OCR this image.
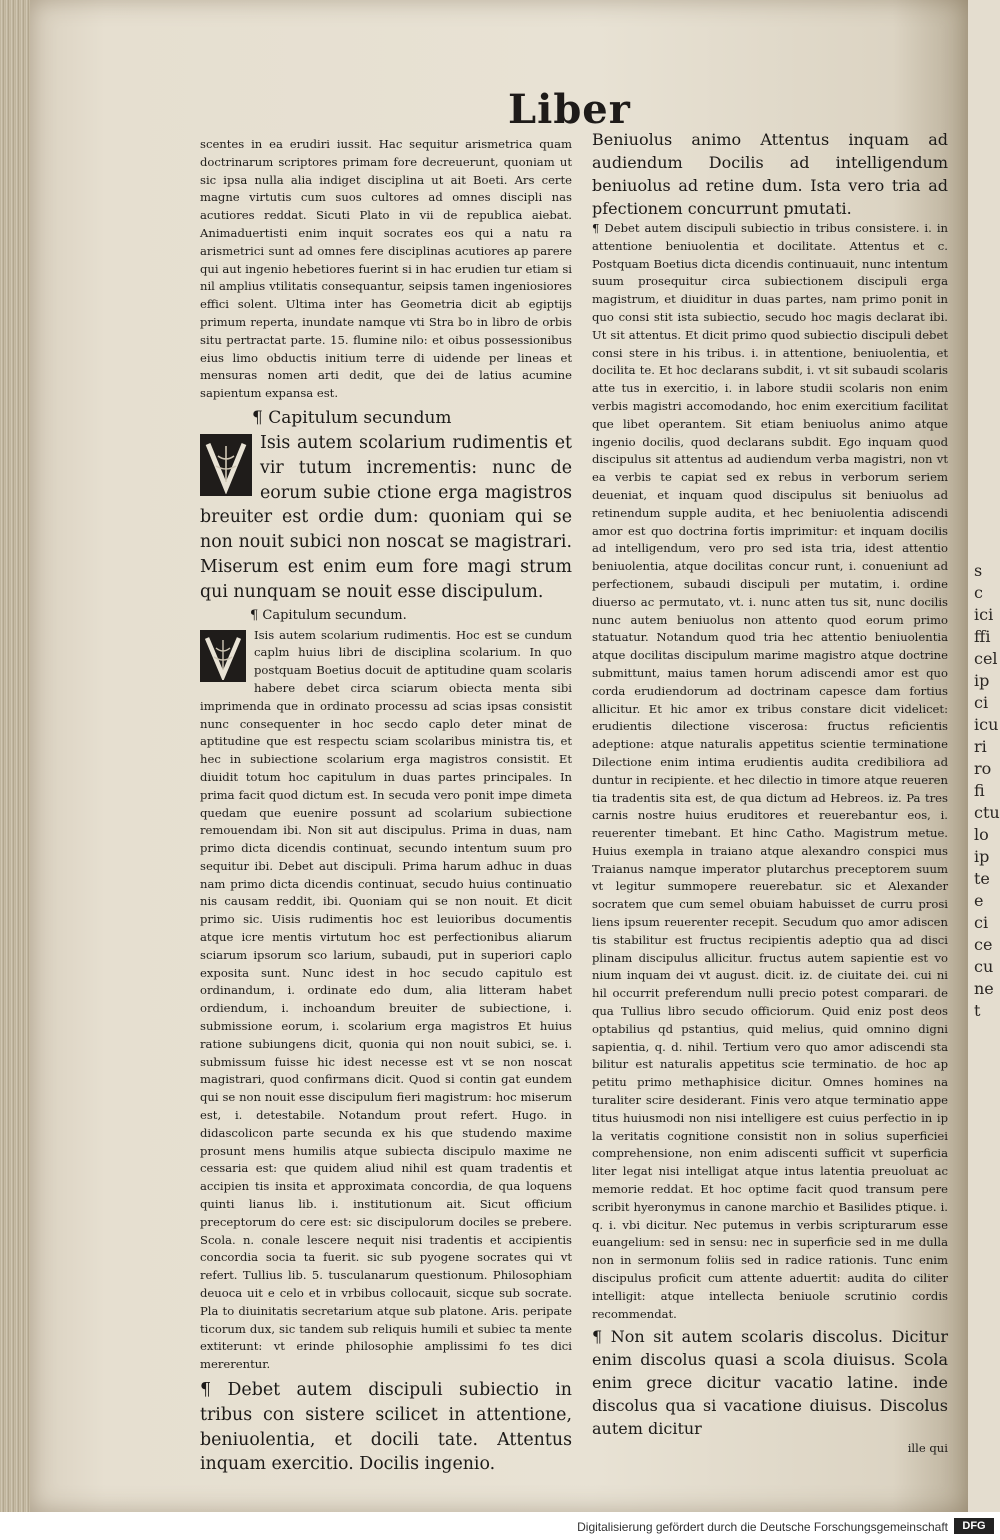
s
c
ici
ffi
cel
ip
ci
icu
ri
ro
fi
ctu
lo
ip
te
e
ci
ce
cu
ne
t
Liber

scentes in ea erudiri iussit. Hac sequitur arismetrica quam doctrinarum scriptores primam fore decreuerunt, quoniam ut sic ipsa nulla alia indiget disciplina ut ait Boeti. Ars certe magne virtutis cum suos cultores ad omnes discipli nas acutiores reddat. Sicuti Plato in vii de republica aiebat. Animaduertisti enim inquit socrates eos qui a natu ra arismetrici sunt ad omnes fere disciplinas acutiores ap parere qui aut ingenio hebetiores fuerint si in hac erudien tur etiam si nil amplius vtilitatis consequantur, seipsis tamen ingeniosiores effici solent. Ultima inter has Geometria dicit ab egiptijs primum reperta, inundate namque vti Stra bo in libro de orbis situ pertractat parte. 15. flumine nilo: et oibus possessionibus eius limo obductis initium terre di uidende per lineas et mensuras nomen arti dedit, que dei de latius acumine sapientum expansa est.

¶ Capitulum secundum

Isis autem scolarium rudimentis et vir tutum incrementis: nunc de eorum subie ctione erga magistros breuiter est ordie dum: quoniam qui se non nouit subici non noscat se magistrari. Miserum est enim eum fore magi strum qui nunquam se nouit esse discipulum.

¶ Capitulum secundum.

Isis autem scolarium rudimentis. Hoc est se cundum caplm huius libri de disciplina scolarium. In quo postquam Boetius docuit de aptitudine quam scolaris habere debet circa sciarum obiecta menta sibi imprimenda que in ordinato processu ad scias ipsas consistit nunc consequenter in hoc secdo caplo deter minat de aptitudine que est respectu sciam scolaribus ministra tis, et hec in subiectione scolarium erga magistros consistit. Et diuidit totum hoc capitulum in duas partes principales. In prima facit quod dictum est. In secuda vero ponit impe dimeta quedam que euenire possunt ad scolarium subiectione remouendam ibi. Non sit aut discipulus. Prima in duas, nam primo dicta dicendis continuat, secundo intentum suum pro sequitur ibi. Debet aut discipuli. Prima harum adhuc in duas nam primo dicta dicendis continuat, secudo huius continuatio nis causam reddit, ibi. Quoniam qui se non nouit. Et dicit primo sic. Uisis rudimentis hoc est leuioribus documentis atque icre mentis virtutum hoc est perfectionibus aliarum sciarum ipsorum sco larium, subaudi, put in superiori caplo exposita sunt. Nunc idest in hoc secudo capitulo est ordinandum, i. ordinate edo dum, alia litteram habet ordiendum, i. inchoandum breuiter de subiectione, i. submissione eorum, i. scolarium erga magistros Et huius ratione subiungens dicit, quonia qui non nouit subici, se. i. submissum fuisse hic idest necesse est vt se non noscat magistrari, quod confirmans dicit. Quod si contin gat eundem qui se non nouit esse discipulum fieri magistrum: hoc miserum est, i. detestabile. Notandum prout refert. Hugo. in didascolicon parte secunda ex his que studendo maxime prosunt mens humilis atque subiecta discipulo maxime ne cessaria est: que quidem aliud nihil est quam tradentis et accipien tis insita et approximata concordia, de qua loquens quinti lianus lib. i. institutionum ait. Sicut officium preceptorum do cere est: sic discipulorum dociles se prebere. Scola. n. conale lescere nequit nisi tradentis et accipientis concordia socia ta fuerit. sic sub pyogene socrates qui vt refert. Tullius lib. 5. tusculanarum questionum. Philosophiam deuoca uit e celo et in vrbibus collocauit, sicque sub socrate. Pla to diuinitatis secretarium atque sub platone. Aris. peripate ticorum dux, sic tandem sub reliquis humili et subiec ta mente extiterunt: vt erinde philosophie amplissimi fo tes dici mererentur.

¶ Debet autem discipuli subiectio in tribus con sistere scilicet in attentione, beniuolentia, et docili tate. Attentus inquam exercitio. Docilis ingenio.

Beniuolus animo Attentus inquam ad audiendum Docilis ad intelligendum beniuolus ad retine dum. Ista vero tria ad pfectionem concurrunt pmutati.

¶ Debet autem discipuli subiectio in tribus consistere. i. in attentione beniuolentia et docilitate. Attentus et c. Postquam Boetius dicta dicendis continuauit, nunc intentum suum prosequitur circa subiectionem discipuli erga magistrum, et diuiditur in duas partes, nam primo ponit in quo consi stit ista subiectio, secudo hoc magis declarat ibi. Ut sit attentus. Et dicit primo quod subiectio discipuli debet consi stere in his tribus. i. in attentione, beniuolentia, et docilita te. Et hoc declarans subdit, i. vt sit subaudi scolaris atte tus in exercitio, i. in labore studii scolaris non enim verbis magistri accomodando, hoc enim exercitium facilitat que libet operantem. Sit etiam beniuolus animo atque ingenio docilis, quod declarans subdit. Ego inquam quod discipulus sit attentus ad audiendum verba magistri, non vt ea verbis te capiat sed ex rebus in verborum seriem deueniat, et inquam quod discipulus sit beniuolus ad retinendum supple audita, et hec beniuolentia adiscendi amor est quo doctrina fortis imprimitur: et inquam docilis ad intelligendum, vero pro sed ista tria, idest attentio beniuolentia, atque docilitas concur runt, i. conueniunt ad perfectionem, subaudi discipuli per mutatim, i. ordine diuerso ac permutato, vt. i. nunc atten tus sit, nunc docilis nunc autem beniuolus non attento quod eorum primo statuatur. Notandum quod tria hec attentio beniuolentia atque docilitas discipulum marime magistro atque doctrine submittunt, maius tamen horum adiscendi amor est quo corda erudiendorum ad doctrinam capesce dam fortius allicitur. Et hic amor ex tribus constare dicit videlicet: erudientis dilectione viscerosa: fructus reficientis adeptione: atque naturalis appetitus scientie terminatione Dilectione enim intima erudientis audita credibiliora ad duntur in recipiente. et hec dilectio in timore atque reueren tia tradentis sita est, de qua dictum ad Hebreos. iz. Pa tres carnis nostre huius eruditores et reuerebantur eos, i. reuerenter timebant. Et hinc Catho. Magistrum metue. Huius exempla in traiano atque alexandro conspici mus Traianus namque imperator plutarchus preceptorem suum vt legitur summopere reuerebatur. sic et Alexander socratem que cum semel obuiam habuisset de curru prosi liens ipsum reuerenter recepit. Secudum quo amor adiscen tis stabilitur est fructus recipientis adeptio qua ad disci plinam discipulus allicitur. fructus autem sapientie est vo nium inquam dei vt august. dicit. iz. de ciuitate dei. cui ni hil occurrit preferendum nulli precio potest comparari. de qua Tullius libro secudo officiorum. Quid eniz post deos optabilius qd pstantius, quid melius, quid omnino digni sapientia, q. d. nihil. Tertium vero quo amor adiscendi sta bilitur est naturalis appetitus scie terminatio. de hoc ap petitu primo methaphisice dicitur. Omnes homines na turaliter scire desiderant. Finis vero atque terminatio appe titus huiusmodi non nisi intelligere est cuius perfectio in ip la veritatis cognitione consistit non in solius superficiei comprehensione, non enim adiscenti sufficit vt superficia liter legat nisi intelligat atque intus latentia preuoluat ac memorie reddat. Et hoc optime facit quod transum pere scribit hyeronymus in canone marchio et Basilides ptique. i. q. i. vbi dicitur. Nec putemus in verbis scripturarum esse euangelium: sed in sensu: nec in superficie sed in me dulla non in sermonum foliis sed in radice rationis. Tunc enim discipulus proficit cum attente aduertit: audita do ciliter intelligit: atque intellecta beniuole scrutinio cordis recommendat.

¶ Non sit autem scolaris discolus. Dicitur enim discolus quasi a scola diuisus. Scola enim grece dicitur vacatio latine. inde discolus qua si vacatione diuisus. Discolus autem dicitur

ille qui

Digitalisierung gefördert durch die Deutsche Forschungsgemeinschaft	DFG
